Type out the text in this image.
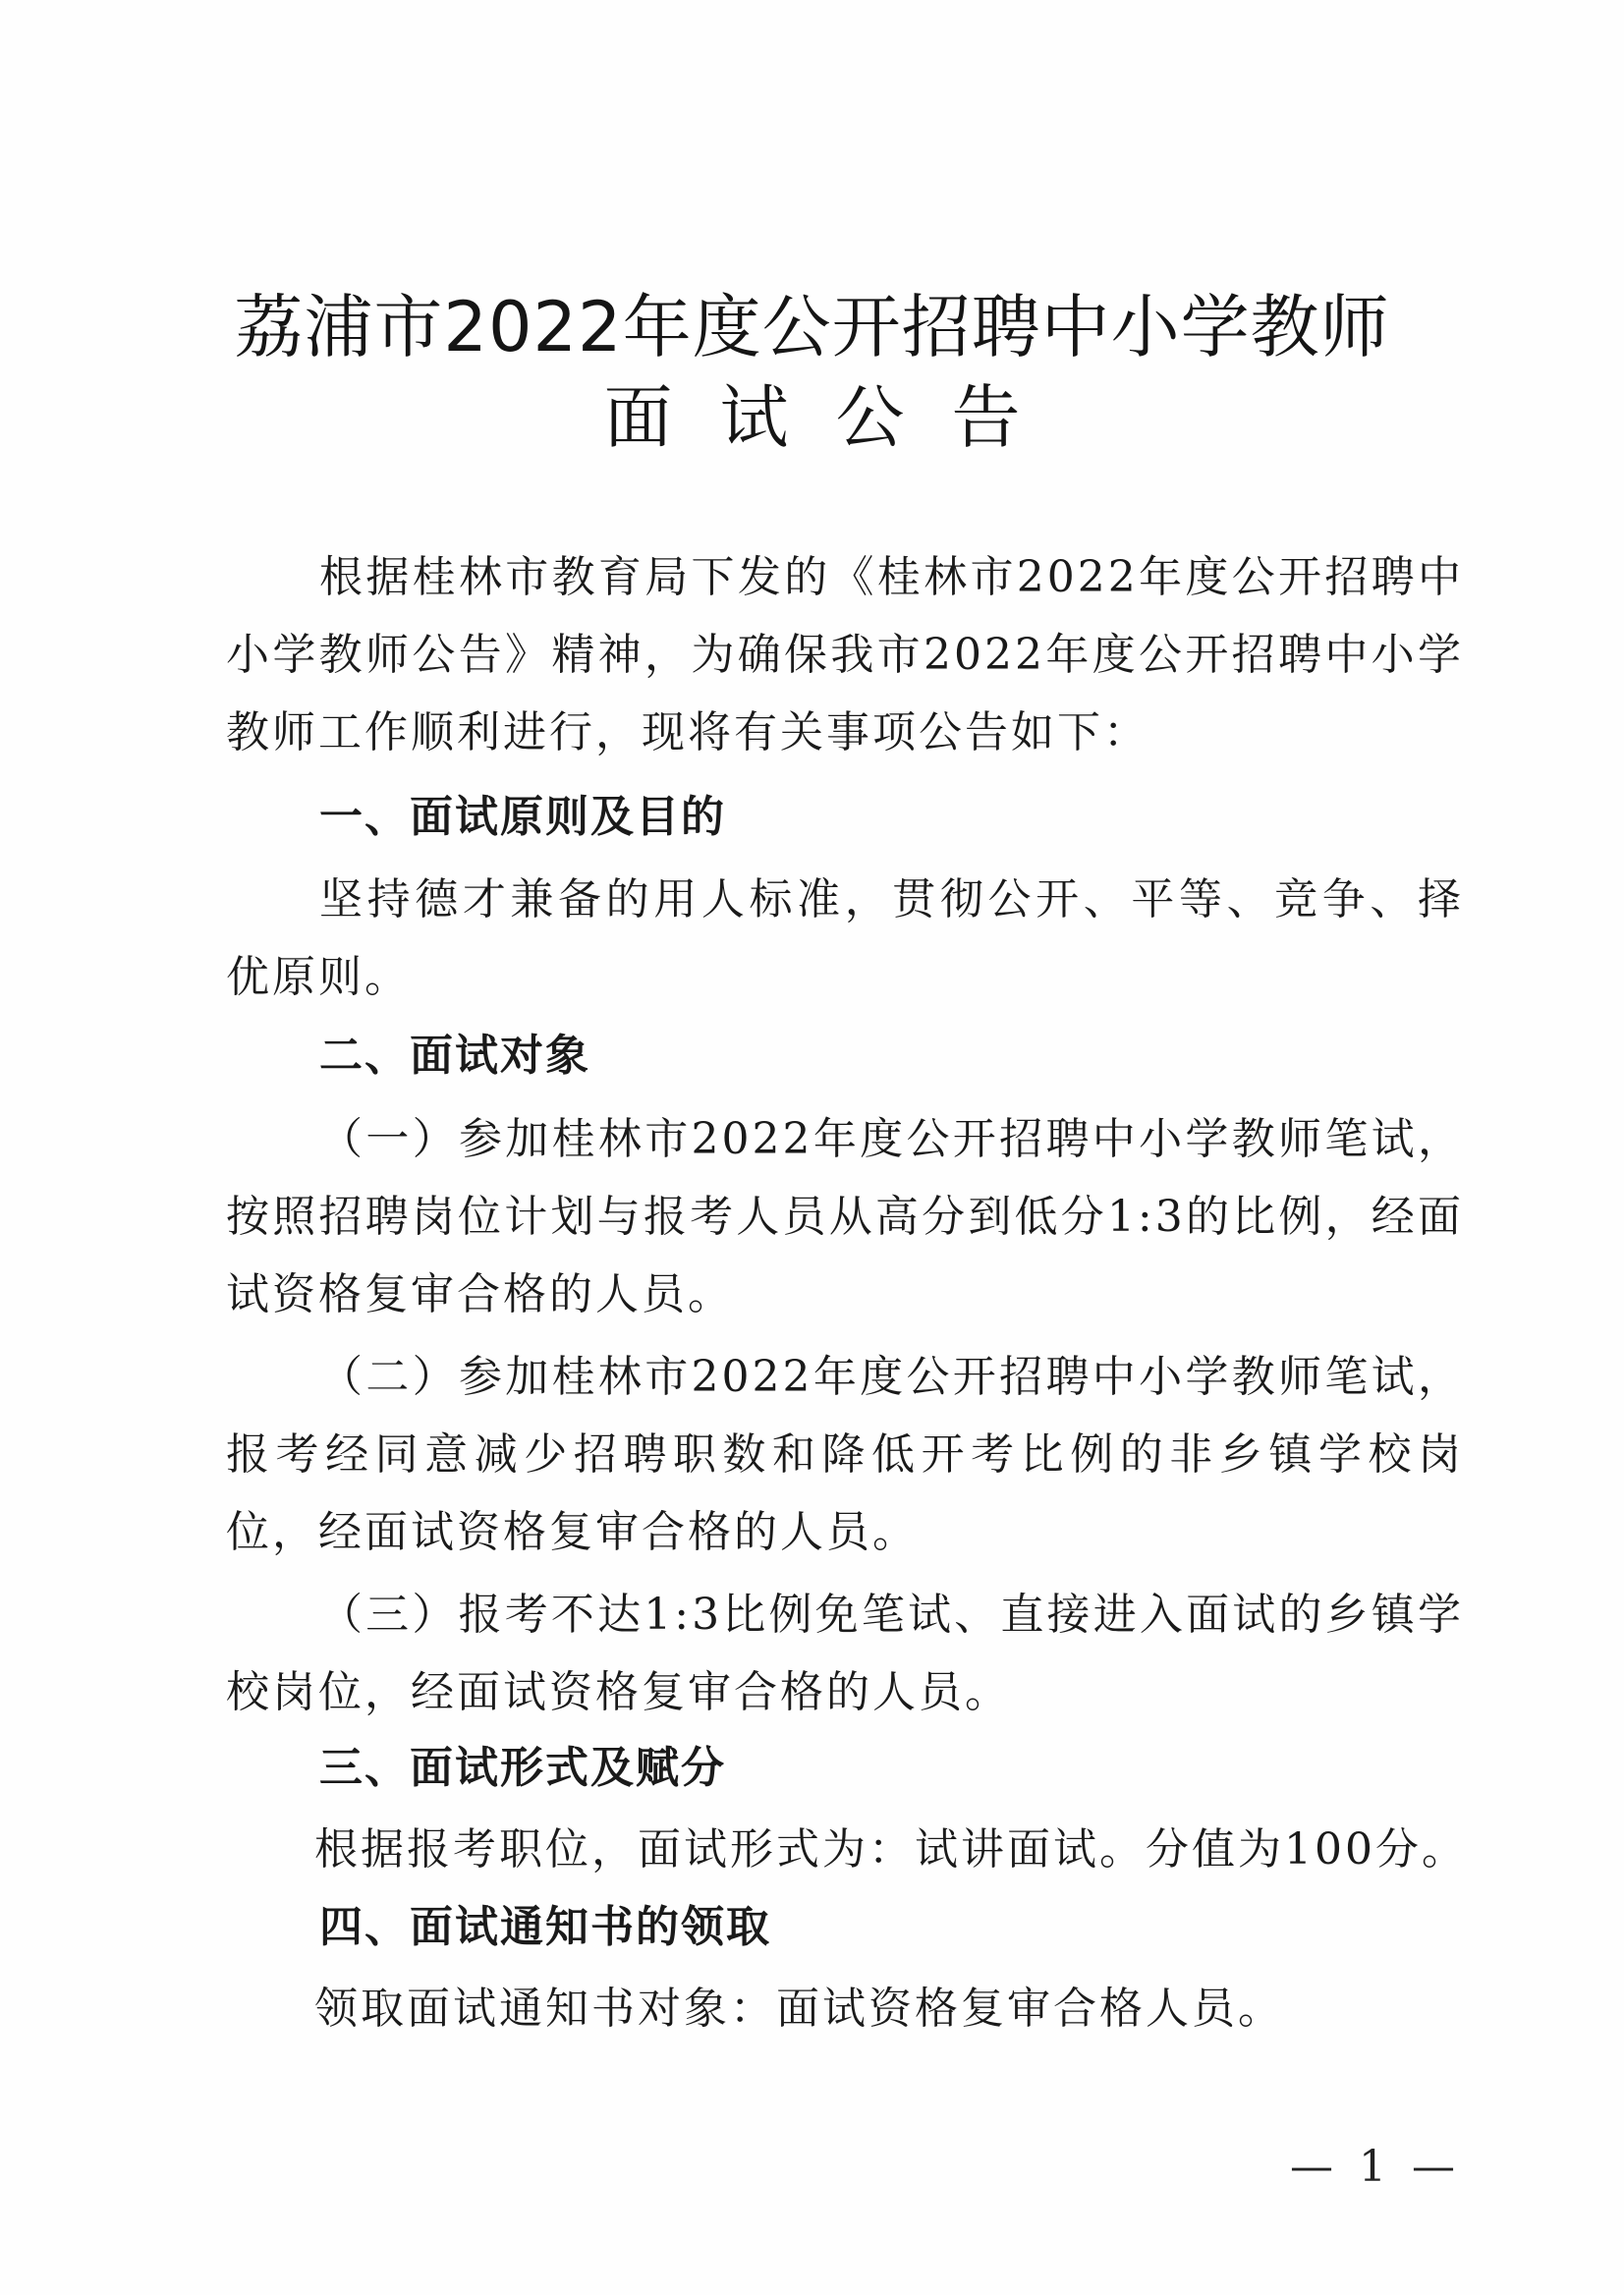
荔浦市2022年度公开招聘中小学教师
面试公告

根据桂林市教育局下发的《桂林市2022年度公开招聘中小学教师公告》精神，为确保我市2022年度公开招聘中小学教师工作顺利进行，现将有关事项公告如下：

一、面试原则及目的

坚持德才兼备的用人标准，贯彻公开、平等、竞争、择优原则。

二、面试对象

（一）参加桂林市2022年度公开招聘中小学教师笔试，按照招聘岗位计划与报考人员从高分到低分1:3的比例，经面试资格复审合格的人员。

（二）参加桂林市2022年度公开招聘中小学教师笔试，报考经同意减少招聘职数和降低开考比例的非乡镇学校岗位，经面试资格复审合格的人员。

（三）报考不达1:3比例免笔试、直接进入面试的乡镇学校岗位，经面试资格复审合格的人员。

三、面试形式及赋分

根据报考职位，面试形式为：试讲面试。分值为100分。

四、面试通知书的领取

领取面试通知书对象：面试资格复审合格人员。

— 1 —
